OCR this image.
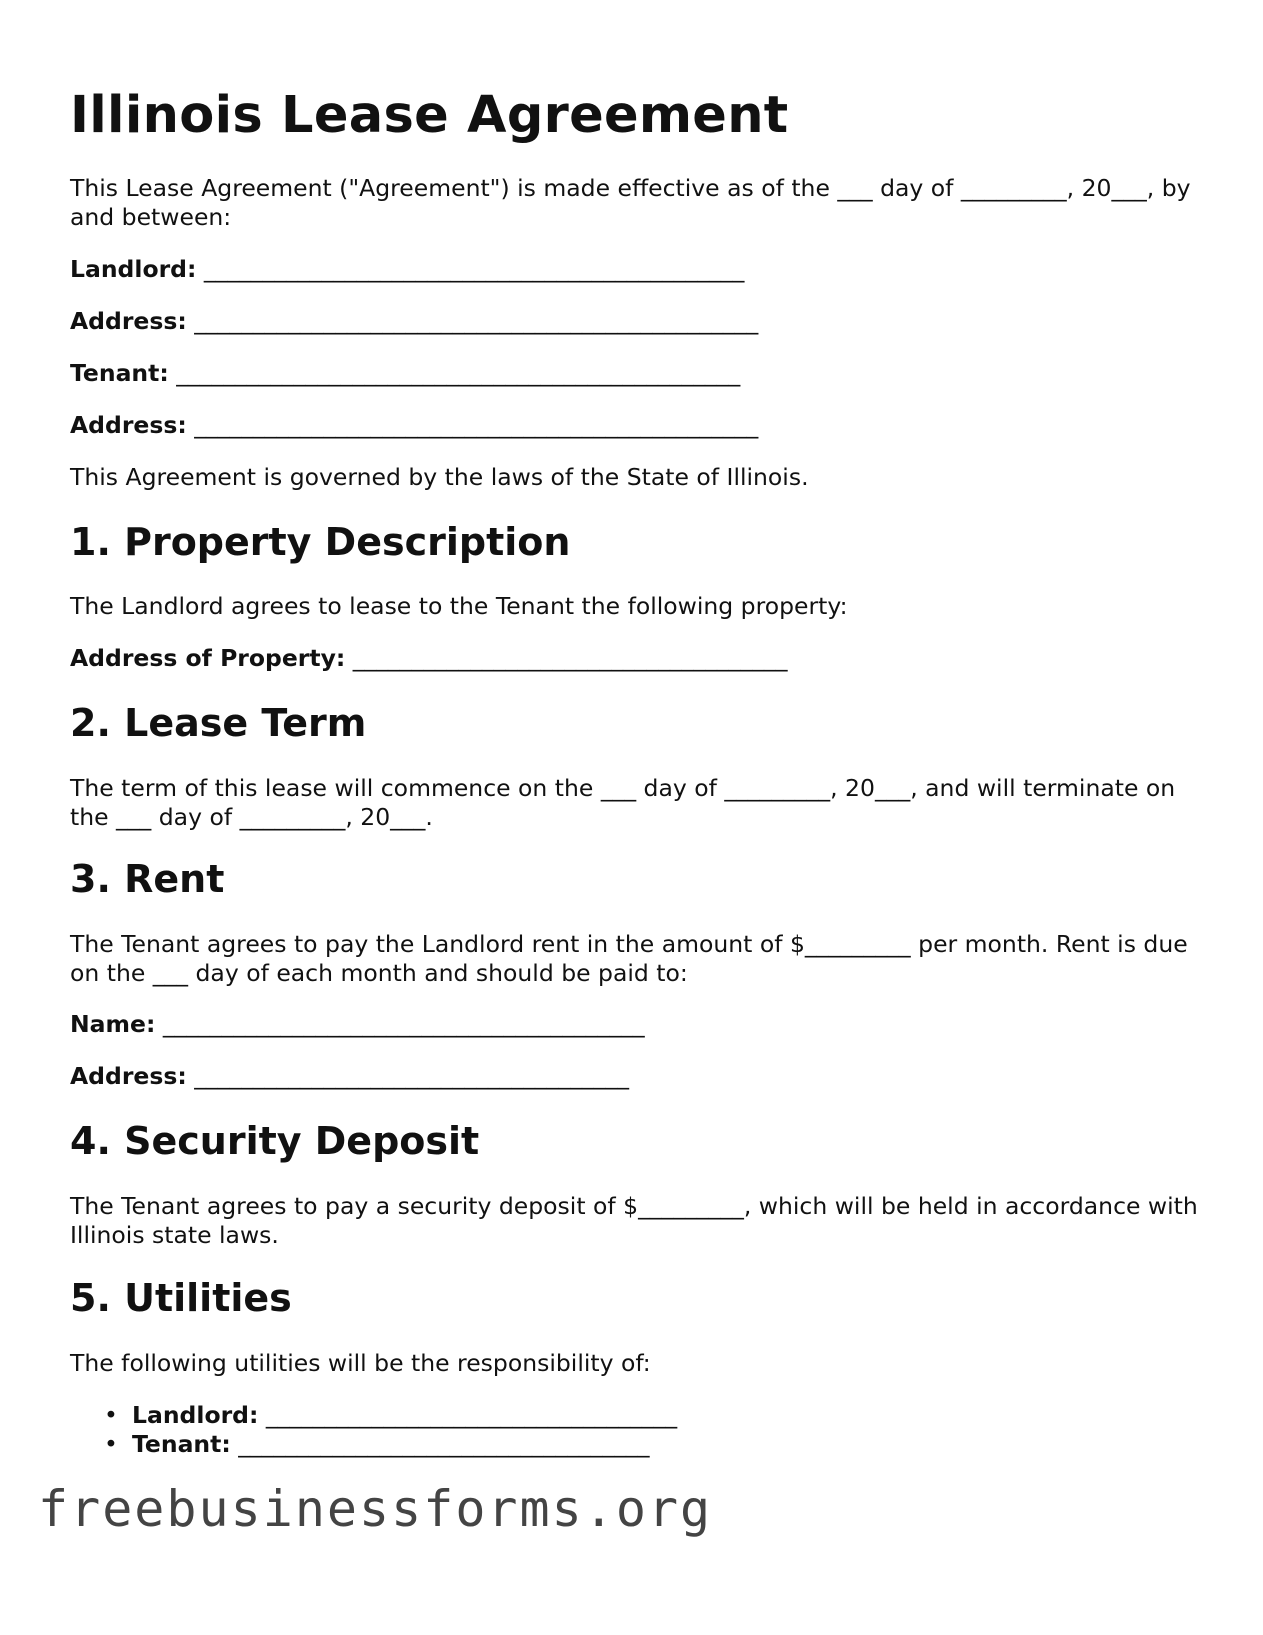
Illinois Lease Agreement

This Lease Agreement ("Agreement") is made effective as of the ___ day of _________, 20___, by and between:

Landlord: ______________________________________________

Address: ________________________________________________

Tenant: ________________________________________________

Address: ________________________________________________

This Agreement is governed by the laws of the State of Illinois.

1. Property Description

The Landlord agrees to lease to the Tenant the following property:

Address of Property: _____________________________________

2. Lease Term

The term of this lease will commence on the ___ day of _________, 20___, and will terminate on the ___ day of _________, 20___.

3. Rent

The Tenant agrees to pay the Landlord rent in the amount of $_________ per month. Rent is due on the ___ day of each month and should be paid to:

Name: _________________________________________

Address: _____________________________________

4. Security Deposit

The Tenant agrees to pay a security deposit of $_________, which will be held in accordance with Illinois state laws.

5. Utilities

The following utilities will be the responsibility of:

• Landlord: ___________________________________
• Tenant: ___________________________________
freebusinessforms.org
